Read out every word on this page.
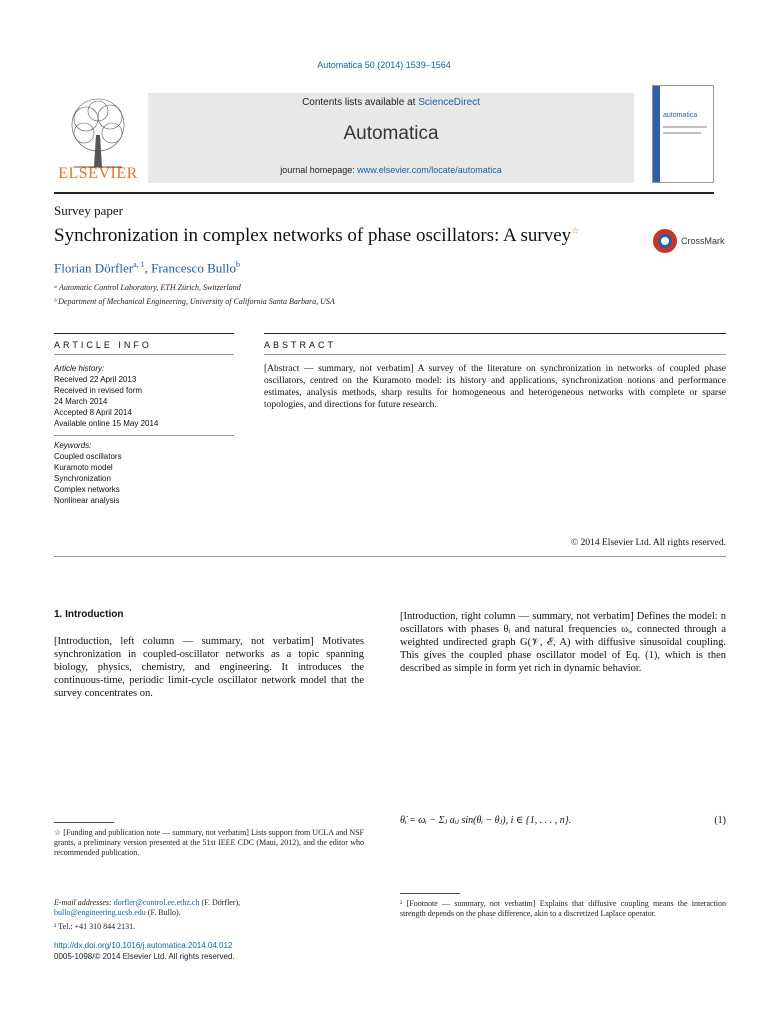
Automatica 50 (2014) 1539–1564
ELSEVIER
Contents lists available at ScienceDirect
Automatica
journal homepage: www.elsevier.com/locate/automatica
automatica
Survey paper
Synchronization in complex networks of phase oscillators: A survey☆
CrossMark
Florian Dörfler$^{a, 1}$, Francesco Bullo$^b$
ᵃ Automatic Control Laboratory, ETH Zürich, Switzerland
ᵇ Department of Mechanical Engineering, University of California Santa Barbara, USA
ARTICLE INFO	ABSTRACT
Article history:
Received 22 April 2013
Received in revised form
24 March 2014
Accepted 8 April 2014
Available online 15 May 2014
Keywords:
Coupled oscillators
Kuramoto model
Synchronization
Complex networks
Nonlinear analysis
[Abstract — summary, not verbatim] A survey of the literature on synchronization in networks of coupled phase oscillators, centred on the Kuramoto model: its history and applications, synchronization notions and performance estimates, analysis methods, sharp results for homogeneous and heterogeneous networks with complete or sparse topologies, and directions for future research.
© 2014 Elsevier Ltd. All rights reserved.
1. Introduction
[Introduction, left column — summary, not verbatim] Motivates synchronization in coupled-oscillator networks as a topic spanning biology, physics, chemistry, and engineering. It introduces the continuous-time, periodic limit-cycle oscillator network model that the survey concentrates on.
[Introduction, right column — summary, not verbatim] Defines the model: n oscillators with phases θᵢ and natural frequencies ωᵢ, connected through a weighted undirected graph G(𝒱, ℰ, A) with diffusive sinusoidal coupling. This gives the coupled phase oscillator model of Eq. (1), which is then described as simple in form yet rich in dynamic behavior.
θ̇ᵢ = ωᵢ − Σⱼ aᵢⱼ sin(θᵢ − θⱼ), i ∈ {1, . . . , n}.	(1)
☆ [Funding and publication note — summary, not verbatim] Lists support from UCLA and NSF grants, a preliminary version presented at the 51st IEEE CDC (Maui, 2012), and the editor who recommended publication.
E-mail addresses: dorfler@control.ee.ethz.ch (F. Dörfler),
bullo@engineering.ucsb.edu (F. Bullo).
¹ Tel.: +41 310 844 2131.
² [Footnote — summary, not verbatim] Explains that diffusive coupling means the interaction strength depends on the phase difference, akin to a discretized Laplace operator.
http://dx.doi.org/10.1016/j.automatica.2014.04.012
0005-1098/© 2014 Elsevier Ltd. All rights reserved.
